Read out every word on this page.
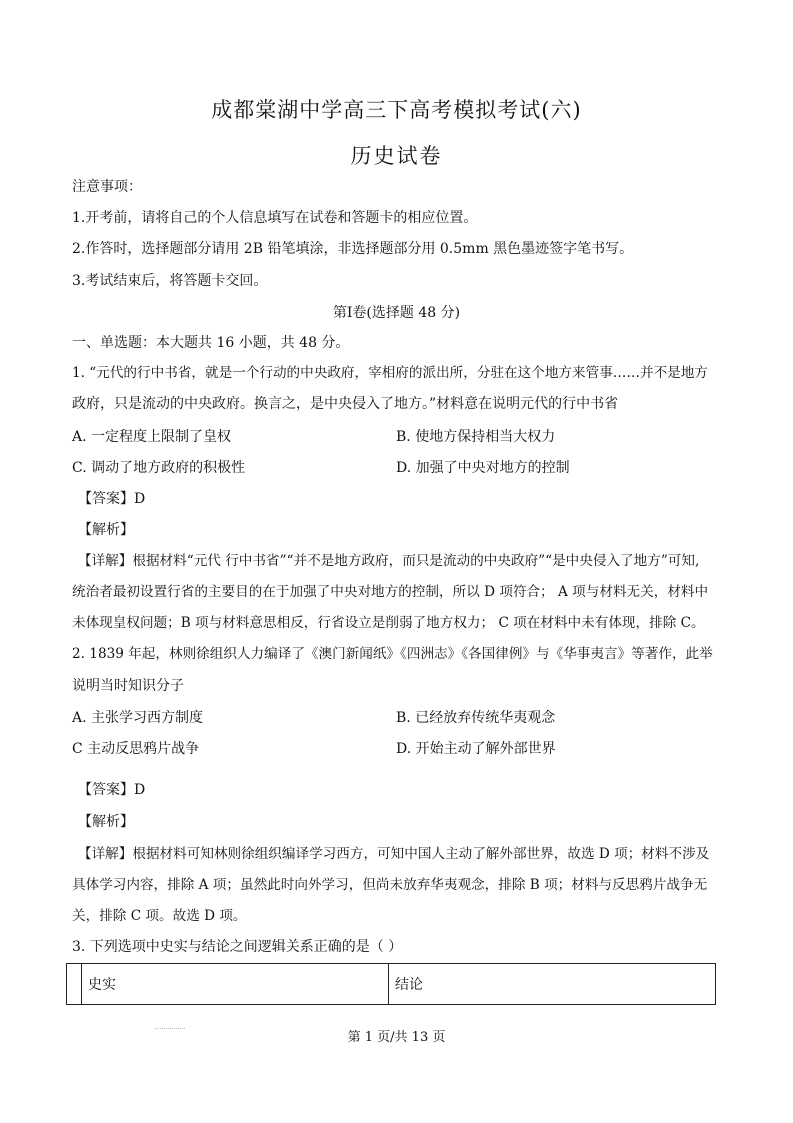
成都棠湖中学高三下高考模拟考试(六)
历史试卷
注意事项：
1.开考前，请将自己的个人信息填写在试卷和答题卡的相应位置。
2.作答时，选择题部分请用 2B 铅笔填涂，非选择题部分用 0.5mm 黑色墨迹签字笔书写。
3.考试结束后，将答题卡交回。
第Ⅰ卷(选择题 48 分)
一、单选题：本大题共 16 小题，共 48 分。
1. “元代的行中书省，就是一个行动的中央政府，宰相府的派出所，分驻在这个地方来管事……并不是地方
政府，只是流动的中央政府。换言之，是中央侵入了地方。”材料意在说明元代的行中书省
A. 一定程度上限制了皇权	B. 使地方保持相当大权力
C. 调动了地方政府的积极性	D. 加强了中央对地方的控制
【答案】D
【解析】
【详解】根据材料“元代 行中书省”“并不是地方政府，而只是流动的中央政府”“是中央侵入了地方”可知,
统治者最初设置行省的主要目的在于加强了中央对地方的控制，所以 D 项符合； A 项与材料无关，材料中
未体现皇权问题；B 项与材料意思相反，行省设立是削弱了地方权力； C 项在材料中未有体现，排除 C。
2. 1839 年起，林则徐组织人力编译了《澳门新闻纸》《四洲志》《各国律例》与《华事夷言》等著作，此举
说明当时知识分子
A. 主张学习西方制度	B. 已经放弃传统华夷观念
C 主动反思鸦片战争	D. 开始主动了解外部世界
【答案】D
【解析】
【详解】根据材料可知林则徐组织编译学习西方，可知中国人主动了解外部世界，故选 D 项；材料不涉及
具体学习内容，排除 A 项；虽然此时向外学习，但尚未放弃华夷观念，排除 B 项；材料与反思鸦片战争无
关，排除 C 项。故选 D 项。
3. 下列选项中史实与结论之间逻辑关系正确的是（ ）
	史实	结论
第 1 页/共 13 页
